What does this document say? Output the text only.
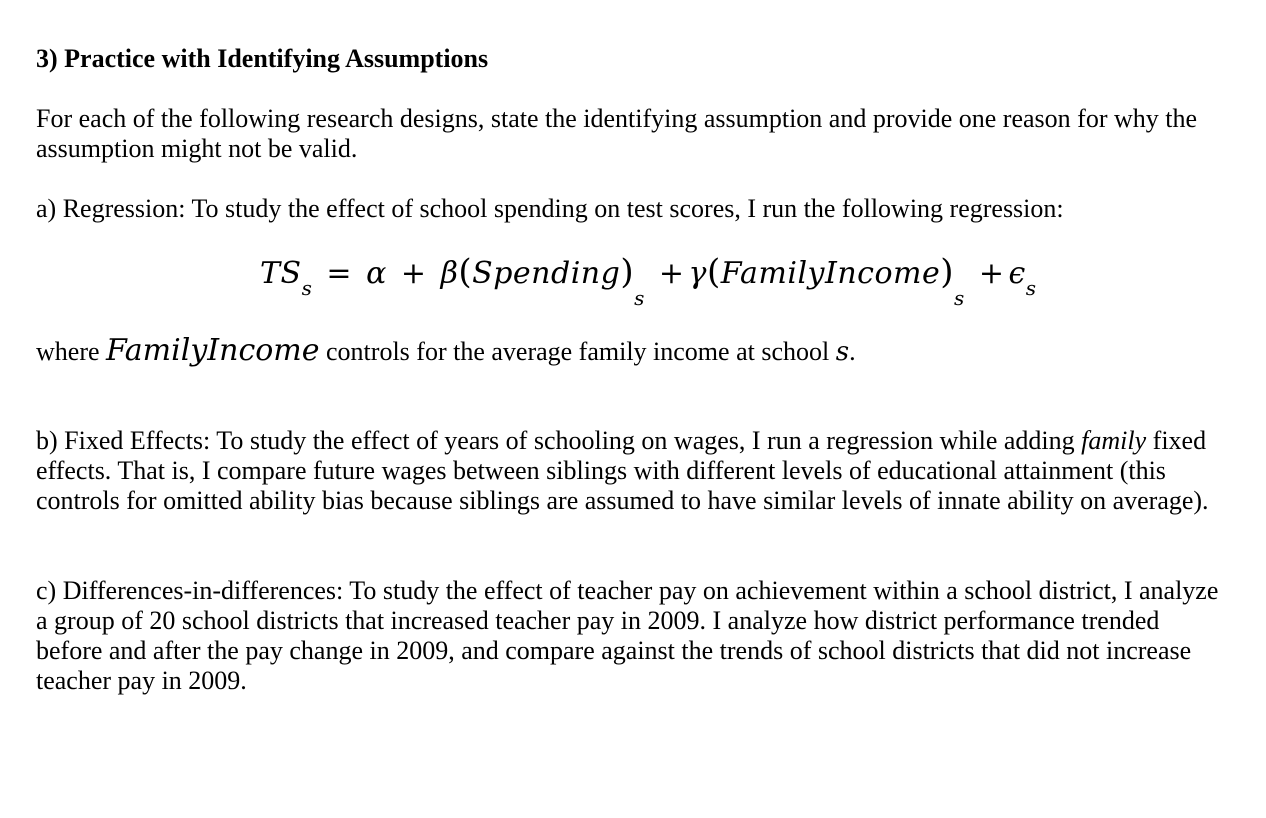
3) Practice with Identifying Assumptions
For each of the following research designs, state the identifying assumption and provide one reason for why the assumption might not be valid.
a) Regression: To study the effect of school spending on test scores, I run the following regression:
$TS_s = \alpha$ + $\beta(Spending)_s$ + $\gamma(FamilyIncome)_s + \epsilon_s$
where FamilyIncome controls for the average family income at school s.
b) Fixed Effects: To study the effect of years of schooling on wages, I run a regression while adding family fixed effects. That is, I compare future wages between siblings with different levels of educational attainment (this controls for omitted ability bias because siblings are assumed to have similar levels of innate ability on average).
c) Differences-in-differences: To study the effect of teacher pay on achievement within a school district, I analyze a group of 20 school districts that increased teacher pay in 2009. I analyze how district performance trended before and after the pay change in 2009, and compare against the trends of school districts that did not increase teacher pay in 2009.
